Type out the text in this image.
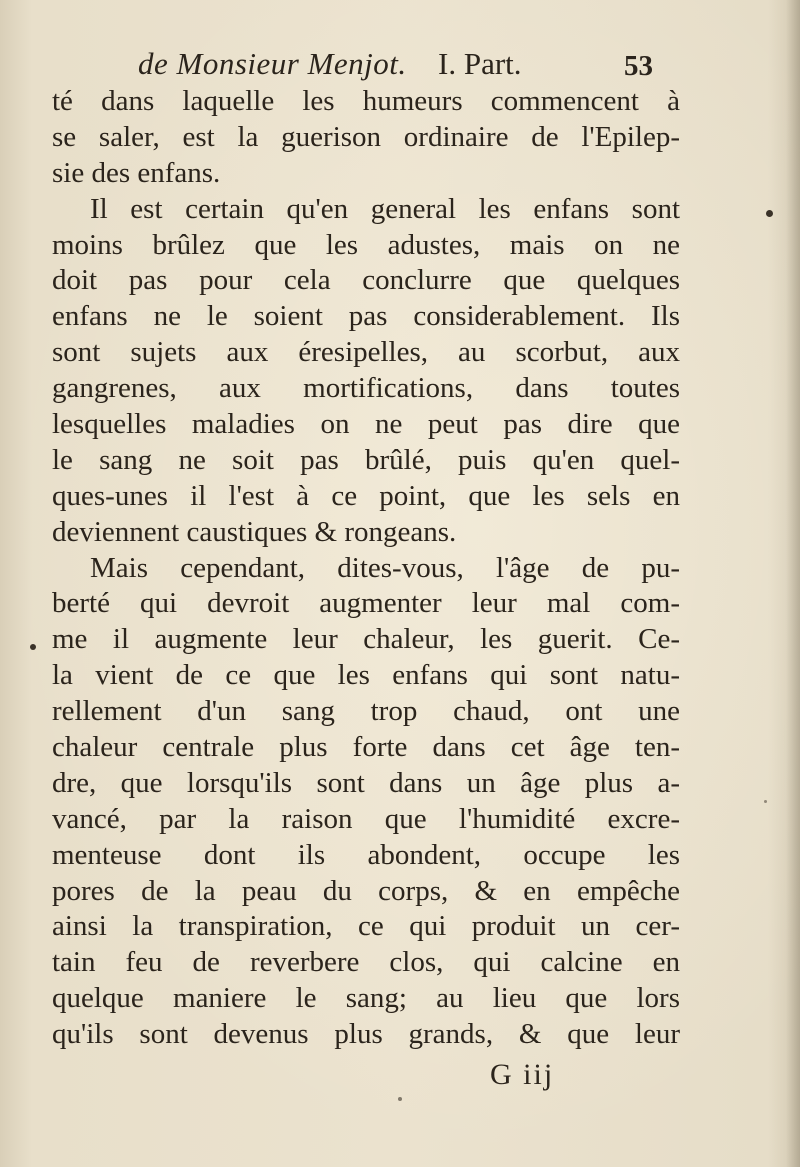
de Monsieur Menjot. I. Part.	53
té dans laquelle les humeurs commencent à
se saler, est la guerison ordinaire de l'Epilep-
sie des enfans.
Il est certain qu'en general les enfans sont
moins brûlez que les adustes, mais on ne
doit pas pour cela conclurre que quelques
enfans ne le soient pas considerablement. Ils
sont sujets aux éresipelles, au scorbut, aux
gangrenes, aux mortifications, dans toutes
lesquelles maladies on ne peut pas dire que
le sang ne soit pas brûlé, puis qu'en quel-
ques-unes il l'est à ce point, que les sels en
deviennent caustiques & rongeans.
Mais cependant, dites-vous, l'âge de pu-
berté qui devroit augmenter leur mal com-
me il augmente leur chaleur, les guerit. Ce-
la vient de ce que les enfans qui sont natu-
rellement d'un sang trop chaud, ont une
chaleur centrale plus forte dans cet âge ten-
dre, que lorsqu'ils sont dans un âge plus a-
vancé, par la raison que l'humidité excre-
menteuse dont ils abondent, occupe les
pores de la peau du corps, & en empêche
ainsi la transpiration, ce qui produit un cer-
tain feu de reverbere clos, qui calcine en
quelque maniere le sang; au lieu que lors
qu'ils sont devenus plus grands, & que leur
G iij
